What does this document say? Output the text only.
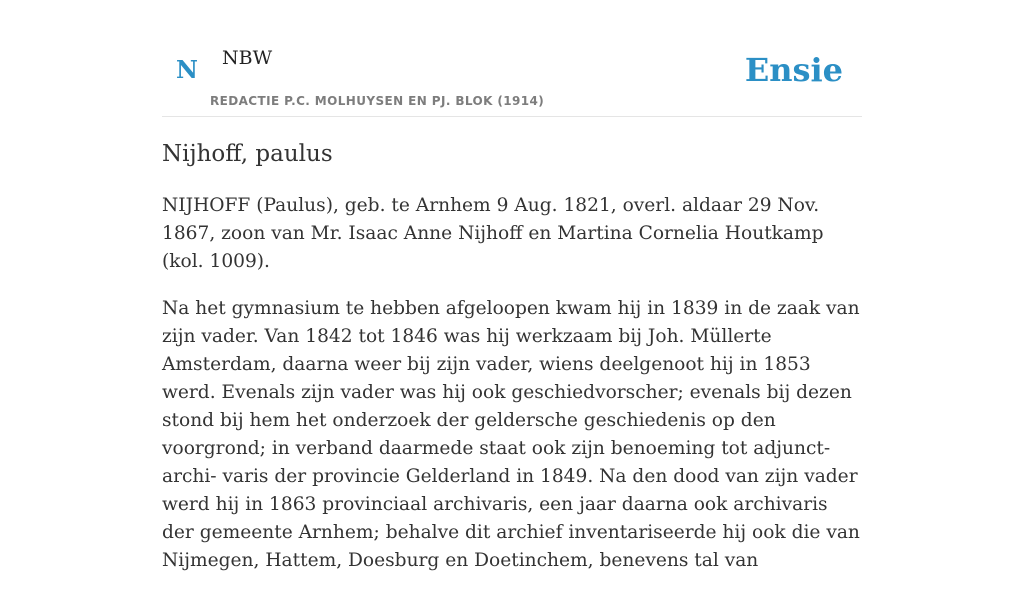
N NBW
REDACTIE P.C. MOLHUYSEN EN PJ. BLOK (1914)
Ensie
Nijhoff, paulus

NIJHOFF (Paulus), geb. te Arnhem 9 Aug. 1821, overl. aldaar 29 Nov. 1867, zoon van Mr. Isaac Anne Nijhoff en Martina Cornelia Houtkamp (kol. 1009).

Na het gymnasium te hebben afgeloopen kwam hij in 1839 in de zaak van zijn vader. Van 1842 tot 1846 was hij werkzaam bij Joh. Müllerte Amsterdam, daarna weer bij zijn vader, wiens deelgenoot hij in 1853 werd. Evenals zijn vader was hij ook geschiedvorscher; evenals bij dezen stond bij hem het onderzoek der geldersche geschiedenis op den voorgrond; in verband daarmede staat ook zijn benoeming tot adjunct-archi- varis der provincie Gelderland in 1849. Na den dood van zijn vader werd hij in 1863 provinciaal archivaris, een jaar daarna ook archivaris der gemeente Arnhem; behalve dit archief inventariseerde hij ook die van Nijmegen, Hattem, Doesburg en Doetinchem, benevens tal van
